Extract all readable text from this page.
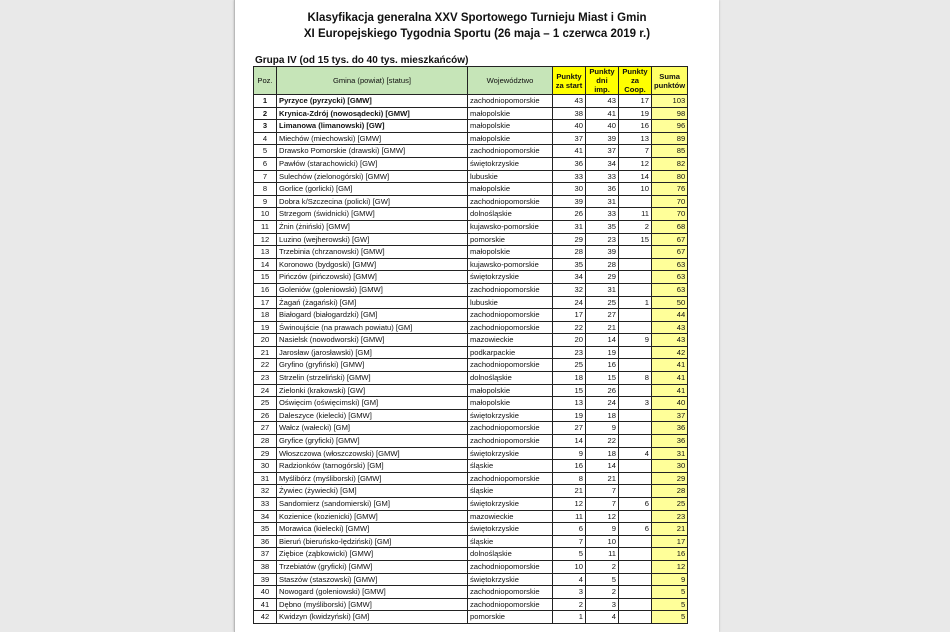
Klasyfikacja generalna XXV Sportowego Turnieju Miast i Gmin
XI Europejskiego Tygodnia Sportu (26 maja – 1 czerwca 2019 r.)
Grupa IV (od 15 tys. do 40 tys. mieszkańców)
Poz.	Gmina (powiat) [status]	Województwo	Punkty za start	Punkty dni imp.	Punkty za Coop.	Suma punktów
1	Pyrzyce (pyrzycki) [GMW]	zachodniopomorskie	43	43	17	103
2	Krynica-Zdrój (nowosądecki) [GMW]	małopolskie	38	41	19	98
3	Limanowa (limanowski) [GW]	małopolskie	40	40	16	96
4	Miechów (miechowski) [GMW]	małopolskie	37	39	13	89
5	Drawsko Pomorskie (drawski) [GMW]	zachodniopomorskie	41	37	7	85
6	Pawłów (starachowicki) [GW]	świętokrzyskie	36	34	12	82
7	Sulechów (zielonogórski) [GMW]	lubuskie	33	33	14	80
8	Gorlice (gorlicki) [GM]	małopolskie	30	36	10	76
9	Dobra k/Szczecina (policki) [GW]	zachodniopomorskie	39	31		70
10	Strzegom (świdnicki) [GMW]	dolnośląskie	26	33	11	70
11	Żnin (żniński) [GMW]	kujawsko-pomorskie	31	35	2	68
12	Luzino (wejherowski) [GW]	pomorskie	29	23	15	67
13	Trzebinia (chrzanowski) [GMW]	małopolskie	28	39		67
14	Koronowo (bydgoski) [GMW]	kujawsko-pomorskie	35	28		63
15	Pińczów (pińczowski) [GMW]	świętokrzyskie	34	29		63
16	Goleniów (goleniowski) [GMW]	zachodniopomorskie	32	31		63
17	Żagań (żagański) [GM]	lubuskie	24	25	1	50
18	Białogard (białogardzki) [GM]	zachodniopomorskie	17	27		44
19	Świnoujście (na prawach powiatu) [GM]	zachodniopomorskie	22	21		43
20	Nasielsk (nowodworski) [GMW]	mazowieckie	20	14	9	43
21	Jarosław (jarosławski) [GM]	podkarpackie	23	19		42
22	Gryfino (gryfiński) [GMW]	zachodniopomorskie	25	16		41
23	Strzelin (strzeliński) [GMW]	dolnośląskie	18	15	8	41
24	Zielonki (krakowski) [GW]	małopolskie	15	26		41
25	Oświęcim (oświęcimski) [GM]	małopolskie	13	24	3	40
26	Daleszyce (kielecki) [GMW]	świętokrzyskie	19	18		37
27	Wałcz (wałecki) [GM]	zachodniopomorskie	27	9		36
28	Gryfice (gryficki) [GMW]	zachodniopomorskie	14	22		36
29	Włoszczowa (włoszczowski) [GMW]	świętokrzyskie	9	18	4	31
30	Radzionków (tarnogórski) [GM]	śląskie	16	14		30
31	Myślibórz (myśliborski) [GMW]	zachodniopomorskie	8	21		29
32	Żywiec (żywiecki) [GM]	śląskie	21	7		28
33	Sandomierz (sandomierski) [GM]	świętokrzyskie	12	7	6	25
34	Kozienice (kozienicki) [GMW]	mazowieckie	11	12		23
35	Morawica (kielecki) [GMW]	świętokrzyskie	6	9	6	21
36	Bieruń (bieruńsko-lędziński) [GM]	śląskie	7	10		17
37	Ziębice (ząbkowicki) [GMW]	dolnośląskie	5	11		16
38	Trzebiatów (gryficki) [GMW]	zachodniopomorskie	10	2		12
39	Staszów (staszowski) [GMW]	świętokrzyskie	4	5		9
40	Nowogard (goleniowski) [GMW]	zachodniopomorskie	3	2		5
41	Dębno (myśliborski) [GMW]	zachodniopomorskie	2	3		5
42	Kwidzyn (kwidzyński) [GM]	pomorskie	1	4		5
